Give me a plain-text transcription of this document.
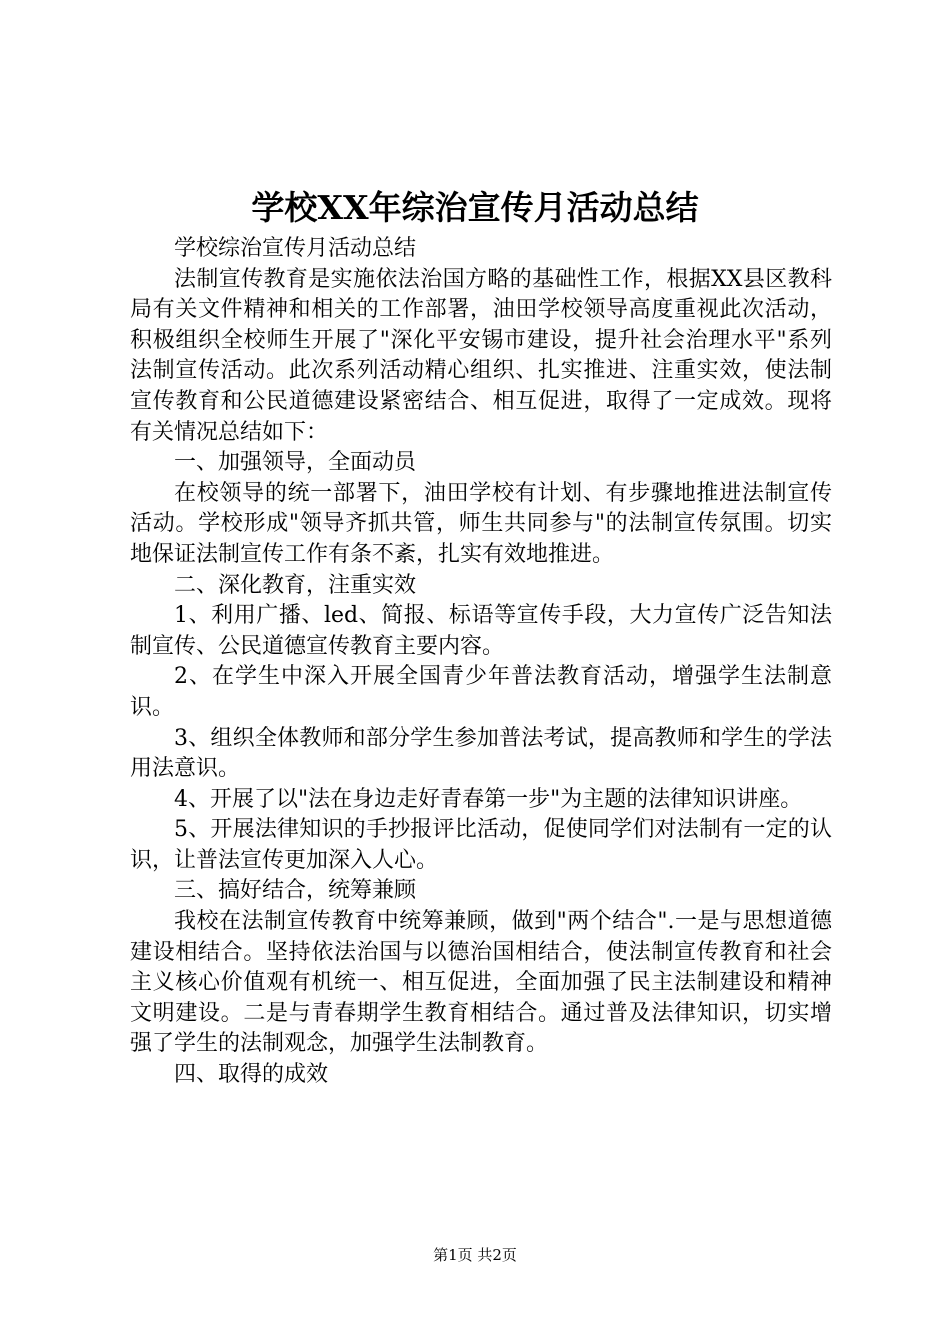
学校XX年综治宣传月活动总结

学校综治宣传月活动总结

法制宣传教育是实施依法治国方略的基础性工作，根据XX县区教科局有关文件精神和相关的工作部署，油田学校领导高度重视此次活动，积极组织全校师生开展了"深化平安锡市建设，提升社会治理水平"系列法制宣传活动。此次系列活动精心组织、扎实推进、注重实效，使法制宣传教育和公民道德建设紧密结合、相互促进，取得了一定成效。现将有关情况总结如下：

一、加强领导，全面动员

在校领导的统一部署下，油田学校有计划、有步骤地推进法制宣传活动。学校形成"领导齐抓共管，师生共同参与"的法制宣传氛围。切实地保证法制宣传工作有条不紊，扎实有效地推进。

二、深化教育，注重实效

1、利用广播、led、简报、标语等宣传手段，大力宣传广泛告知法制宣传、公民道德宣传教育主要内容。

2、在学生中深入开展全国青少年普法教育活动，增强学生法制意识。

3、组织全体教师和部分学生参加普法考试，提高教师和学生的学法用法意识。

4、开展了以"法在身边走好青春第一步"为主题的法律知识讲座。

5、开展法律知识的手抄报评比活动，促使同学们对法制有一定的认识，让普法宣传更加深入人心。

三、搞好结合，统筹兼顾

我校在法制宣传教育中统筹兼顾，做到"两个结合".一是与思想道德建设相结合。坚持依法治国与以德治国相结合，使法制宣传教育和社会主义核心价值观有机统一、相互促进，全面加强了民主法制建设和精神文明建设。二是与青春期学生教育相结合。通过普及法律知识，切实增强了学生的法制观念，加强学生法制教育。

四、取得的成效

第1页 共2页
